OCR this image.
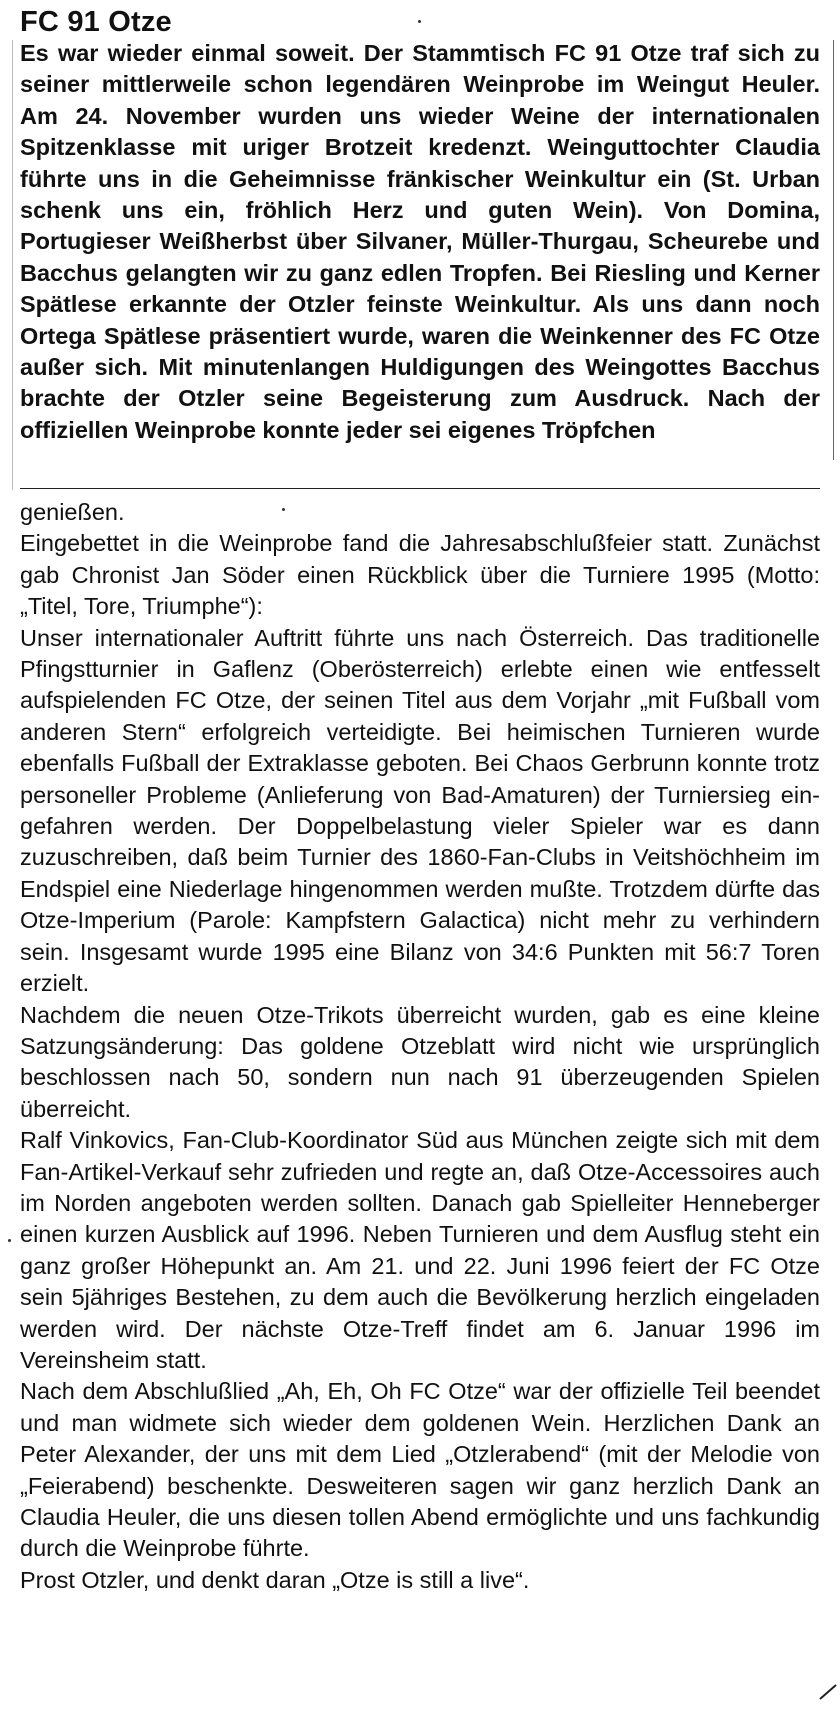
FC 91 Otze

Es war wieder einmal soweit. Der Stammtisch FC 91 Otze traf sich zu seiner mittlerweile schon legendären Weinprobe im Weingut Heuler. Am 24. November wurden uns wieder Weine der internationalen Spitzenklasse mit uriger Brotzeit kredenzt. Weinguttochter Claudia führte uns in die Geheimnisse fränkischer Weinkultur ein (St. Urban schenk uns ein, fröhlich Herz und guten Wein). Von Domina, Portugieser Weißherbst über Silvaner, Müller-Thurgau, Scheurebe und Bacchus gelangten wir zu ganz edlen Tropfen. Bei Riesling und Kerner Spätlese erkannte der Otzler feinste Weinkultur. Als uns dann noch Ortega Spätlese präsentiert wurde, waren die Weinkenner des FC Otze außer sich. Mit minutenlangen Huldigungen des Weingottes Bacchus brachte der Otzler seine Begeisterung zum Ausdruck. Nach der offiziellen Weinprobe konnte jeder sei eigenes Tröpfchen

genießen.

Eingebettet in die Weinprobe fand die Jahresabschlußfeier statt. Zunächst gab Chronist Jan Söder einen Rückblick über die Turniere 1995 (Motto: „Titel, Tore, Triumphe“):

Unser internationaler Auftritt führte uns nach Österreich. Das traditionelle Pfingstturnier in Gaflenz (Oberösterreich) erlebte einen wie entfesselt aufspielenden FC Otze, der seinen Titel aus dem Vorjahr „mit Fußball vom anderen Stern“ erfolgreich verteidigte. Bei heimischen Turnieren wurde ebenfalls Fußball der Extraklasse geboten. Bei Chaos Gerbrunn konnte trotz personeller Probleme (Anlieferung von Bad-Amaturen) der Turniersieg eingefahren werden. Der Doppelbelastung vieler Spieler war es dann zuzuschreiben, daß beim Turnier des 1860-Fan-Clubs in Veitshöchheim im Endspiel eine Niederlage hingenommen werden mußte. Trotzdem dürfte das Otze-Imperium (Parole: Kampfstern Galactica) nicht mehr zu verhindern sein. Insgesamt wurde 1995 eine Bilanz von 34:6 Punkten mit 56:7 Toren erzielt.

Nachdem die neuen Otze-Trikots überreicht wurden, gab es eine kleine Satzungsänderung: Das goldene Otzeblatt wird nicht wie ursprünglich beschlossen nach 50, sondern nun nach 91 überzeugenden Spielen überreicht.

Ralf Vinkovics, Fan-Club-Koordinator Süd aus München zeigte sich mit dem Fan-Artikel-Verkauf sehr zufrieden und regte an, daß Otze-Accessoires auch im Norden angeboten werden sollten. Danach gab Spielleiter Henneberger einen kurzen Ausblick auf 1996. Neben Turnieren und dem Ausflug steht ein ganz großer Höhepunkt an. Am 21. und 22. Juni 1996 feiert der FC Otze sein 5jähriges Bestehen, zu dem auch die Bevölkerung herzlich eingeladen werden wird. Der nächste Otze-Treff findet am 6. Januar 1996 im Vereinsheim statt.

Nach dem Abschlußlied „Ah, Eh, Oh FC Otze“ war der offizielle Teil beendet und man widmete sich wieder dem goldenen Wein. Herzlichen Dank an Peter Alexander, der uns mit dem Lied „Otzlerabend“ (mit der Melodie von „Feierabend) beschenkte. Desweiteren sagen wir ganz herzlich Dank an Claudia Heuler, die uns diesen tollen Abend ermöglichte und uns fachkundig durch die Weinprobe führte.

Prost Otzler, und denkt daran „Otze is still a live“.
